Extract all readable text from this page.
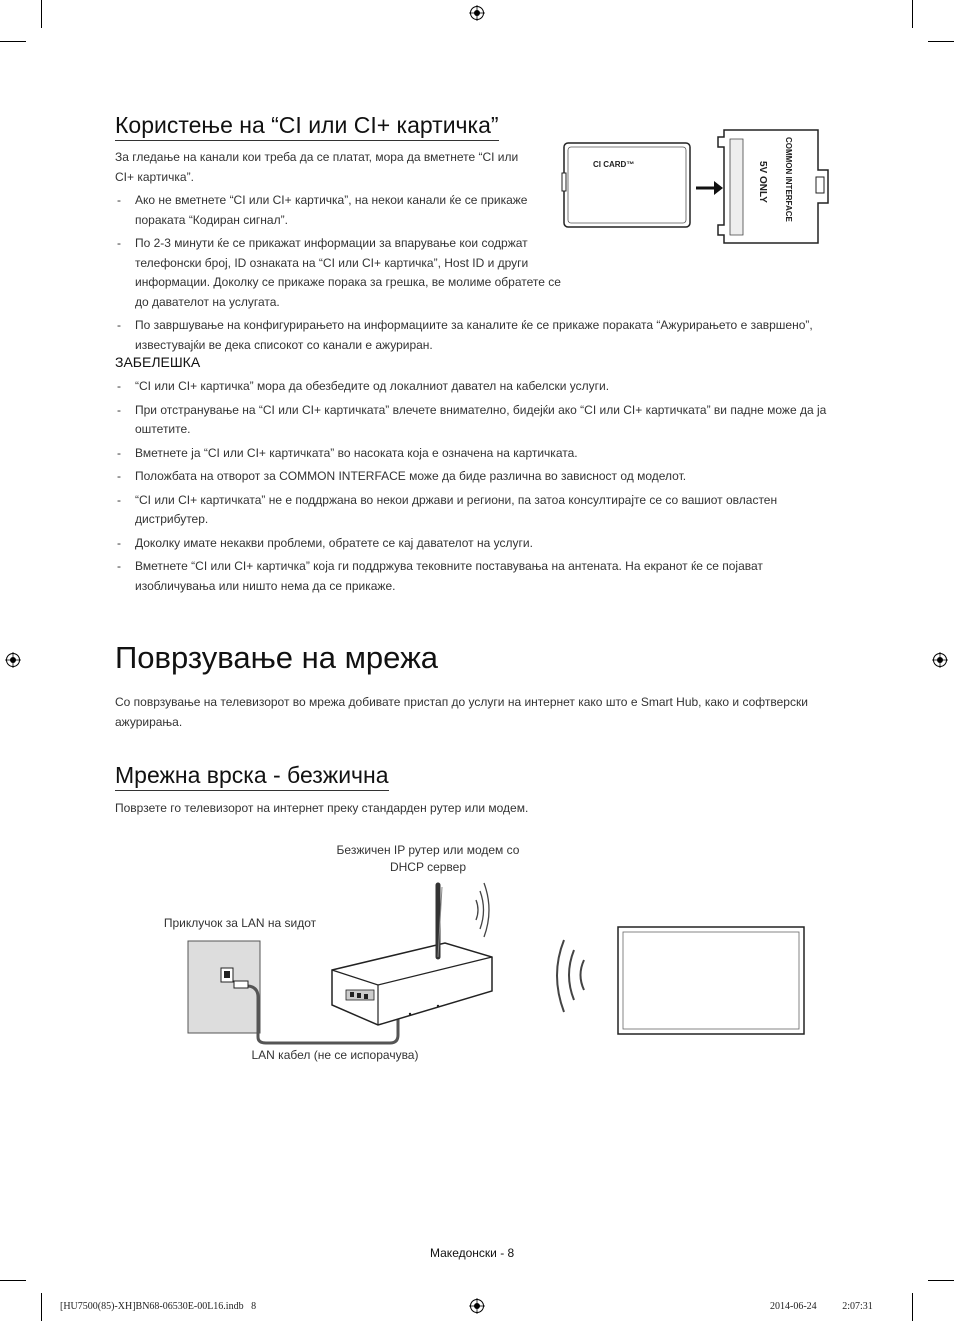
Користење на “CI или CI+ картичка”
За гледање на канали кои треба да се платат, мора да вметнете “CI или CI+ картичка”.
- Ако не вметнете “CI или CI+ картичка”, на некои канали ќе се прикаже пораката “Кодиран сигнал”.
- По 2-3 минути ќе се прикажат информации за впарување кои содржат телефонски број, ID ознаката на “CI или CI+ картичка”, Host ID и други информации. Доколку се прикаже порака за грешка, ве молиме обратете се до давателот на услугата.
- По завршување на конфигурирањето на информациите за каналите ќе се прикаже пораката “Ажурирањето е завршено”, известувајќи ве дека списокот со канали е ажуриран.
CI CARD™	COMMON INTERFACE
5V ONLY
ЗАБЕЛЕШКА
- “CI или CI+ картичка” мора да обезбедите од локалниот давател на кабелски услуги.
- При отстранување на “CI или CI+ картичката” влечете внимателно, бидејќи ако “CI или CI+ картичката” ви падне може да ја оштетите.
- Вметнете ја “CI или CI+ картичката” во насоката која е означена на картичката.
- Положбата на отворот за COMMON INTERFACE може да биде различна во зависност од моделот.
- “CI или CI+ картичката” не е поддржана во некои држави и региони, па затоа консултирајте се со вашиот овластен дистрибутер.
- Доколку имате некакви проблеми, обратете се кај давателот на услуги.
- Вметнете “CI или CI+ картичка” која ги поддржува тековните поставувања на антената. На екранот ќе се појават изобличувања или ништо нема да се прикаже.
Поврзување на мрежа
Со поврзување на телевизорот во мрежа добивате пристап до услуги на интернет како што е Smart Hub, како и софтверски ажурирања.
Мрежна врска - безжична
Поврзете го телевизорот на интернет преку стандарден рутер или модем.
Безжичен IP рутер или модем со
DHCP сервер
Приклучок за LAN на ѕидот
LAN кабел (не се испорачува)
Македонски - 8
[HU7500(85)-XH]BN68-06530E-00L16.indb   8	2014-06-24   ￿￿ 2:07:31
